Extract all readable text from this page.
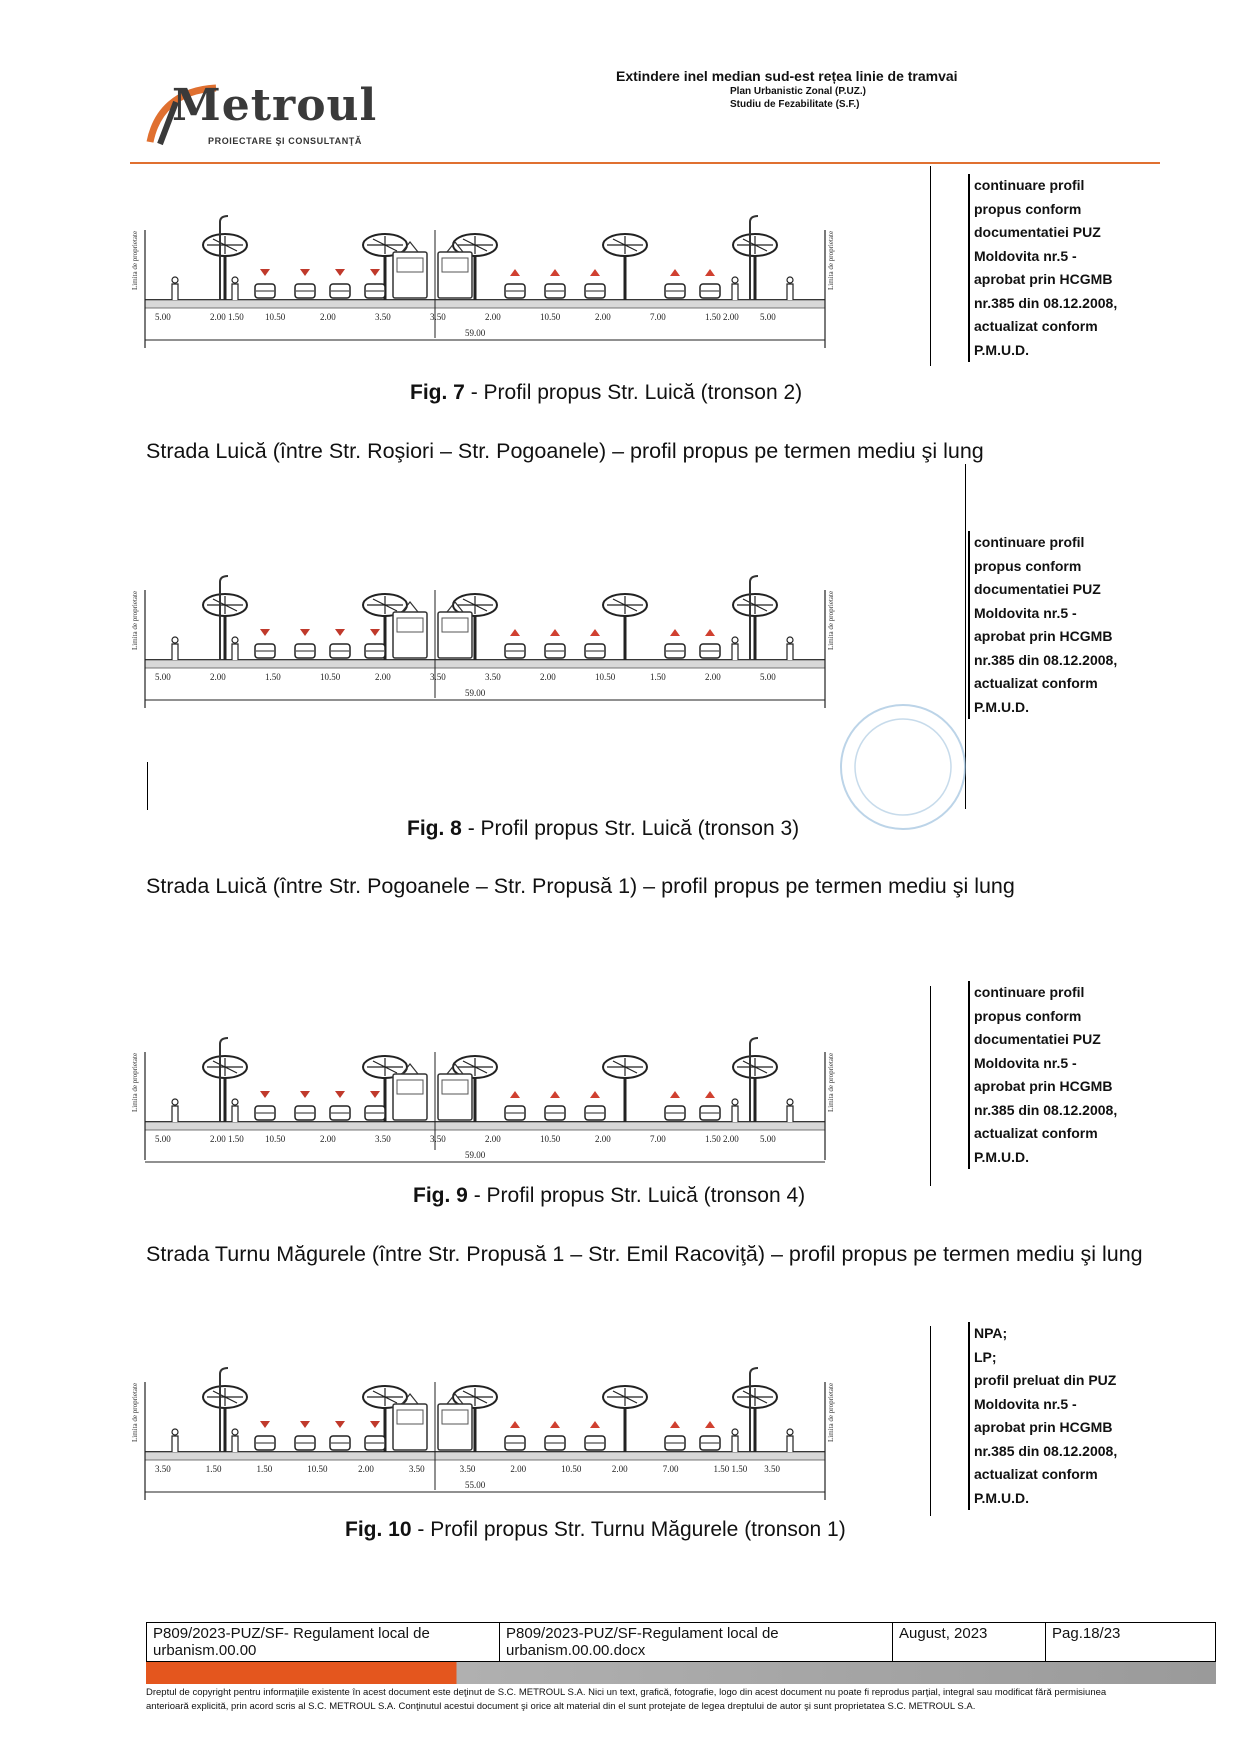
Metroul
PROIECTARE ŞI CONSULTANŢĂ
Extindere inel median sud-est rețea linie de tramvai
Plan Urbanistic Zonal (P.UZ.)
Studiu de Fezabilitate (S.F.)
Limita de proprietate	Limita de proprietate
5.00	2.00 1.50 10.50	2.00	3.50	3.50	2.00	10.50	2.00	7.00	1.50 2.00 5.00
59.00
continuare profil
propus conform
documentatiei PUZ
Moldovita nr.5 -
aprobat prin HCGMB
nr.385 din 08.12.2008,
actualizat conform
P.M.U.D.
Fig. 7 - Profil propus Str. Luică (tronson 2)
Strada Luică (între Str. Roşiori – Str. Pogoanele) – profil propus pe termen mediu şi lung
Limita de proprietate	Limita de proprietate
5.00	2.00	1.50	10.50	2.00	3.50	3.50	2.00	10.50	1.50	2.00	5.00
59.00
continuare profil
propus conform
documentatiei PUZ
Moldovita nr.5 -
aprobat prin HCGMB
nr.385 din 08.12.2008,
actualizat conform
P.M.U.D.
Fig. 8 - Profil propus Str. Luică (tronson 3)
Strada Luică (între Str. Pogoanele – Str. Propusă 1) – profil propus pe termen mediu şi lung
Limita de proprietate	Limita de proprietate
5.00	2.00 1.50 10.50	2.00	3.50	3.50	2.00	10.50	2.00	7.00	1.50 2.00 5.00
59.00
continuare profil
propus conform
documentatiei PUZ
Moldovita nr.5 -
aprobat prin HCGMB
nr.385 din 08.12.2008,
actualizat conform
P.M.U.D.
Fig. 9 - Profil propus Str. Luică (tronson 4)
Strada Turnu Măgurele (între Str. Propusă 1 – Str. Emil Racoviţă) – profil propus pe termen mediu şi lung
Limita de proprietate	Limita de proprietate
3.50	1.50	1.50	10.50	2.00	3.50	3.50	2.00	10.50	2.00	7.00	1.50 1.50 3.50
55.00
NPA;
LP;
profil preluat din PUZ
Moldovita nr.5 -
aprobat prin HCGMB
nr.385 din 08.12.2008,
actualizat conform
P.M.U.D.
Fig. 10 - Profil propus Str. Turnu Măgurele (tronson 1)
P809/2023-PUZ/SF- Regulament local de urbanism.00.00	P809/2023-PUZ/SF-Regulament local de urbanism.00.00.docx	August, 2023	Pag.18/23
Dreptul de copyright pentru informaţiile existente în acest document este deţinut de S.C. METROUL S.A. Nici un text, grafică, fotografie, logo din acest document nu poate fi reprodus parţial, integral sau modificat fără permisiunea anterioară explicită, prin acord scris al S.C. METROUL S.A. Conţinutul acestui document şi orice alt material din el sunt protejate de legea dreptului de autor şi sunt proprietatea S.C. METROUL S.A.
